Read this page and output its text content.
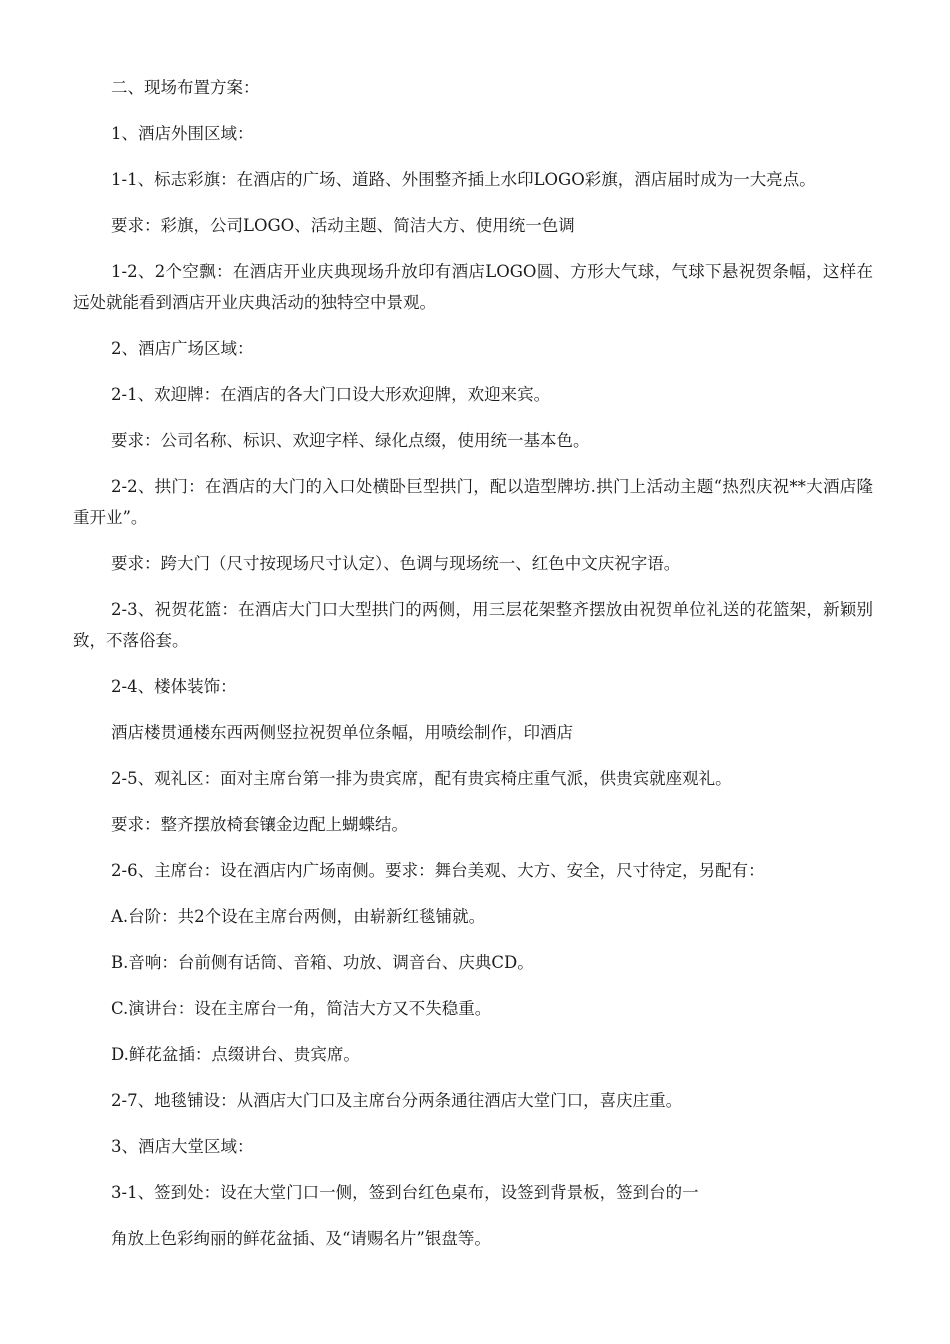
二、现场布置方案：

1、酒店外围区域：

1-1、标志彩旗：在酒店的广场、道路、外围整齐插上水印LOGO彩旗，酒店届时成为一大亮点。

要求：彩旗，公司LOGO、活动主题、简洁大方、使用统一色调

1-2、2个空飘：在酒店开业庆典现场升放印有酒店LOGO圆、方形大气球，气球下悬祝贺条幅，这样在远处就能看到酒店开业庆典活动的独特空中景观。

2、酒店广场区域：

2-1、欢迎牌：在酒店的各大门口设大形欢迎牌，欢迎来宾。

要求：公司名称、标识、欢迎字样、绿化点缀，使用统一基本色。

2-2、拱门：在酒店的大门的入口处横卧巨型拱门，配以造型牌坊.拱门上活动主题“热烈庆祝**大酒店隆重开业”。

要求：跨大门（尺寸按现场尺寸认定）、色调与现场统一、红色中文庆祝字语。

2-3、祝贺花篮：在酒店大门口大型拱门的两侧，用三层花架整齐摆放由祝贺单位礼送的花篮架，新颖别致，不落俗套。

2-4、楼体装饰：

酒店楼贯通楼东西两侧竖拉祝贺单位条幅，用喷绘制作，印酒店

2-5、观礼区：面对主席台第一排为贵宾席，配有贵宾椅庄重气派，供贵宾就座观礼。

要求：整齐摆放椅套镶金边配上蝴蝶结。

2-6、主席台：设在酒店内广场南侧。要求：舞台美观、大方、安全，尺寸待定，另配有：

A.台阶：共2个设在主席台两侧，由崭新红毯铺就。

B.音响：台前侧有话筒、音箱、功放、调音台、庆典CD。

C.演讲台：设在主席台一角，简洁大方又不失稳重。

D.鲜花盆插：点缀讲台、贵宾席。

2-7、地毯铺设：从酒店大门口及主席台分两条通往酒店大堂门口，喜庆庄重。

3、酒店大堂区域：

3-1、签到处：设在大堂门口一侧，签到台红色桌布，设签到背景板，签到台的一

角放上色彩绚丽的鲜花盆插、及“请赐名片”银盘等。
